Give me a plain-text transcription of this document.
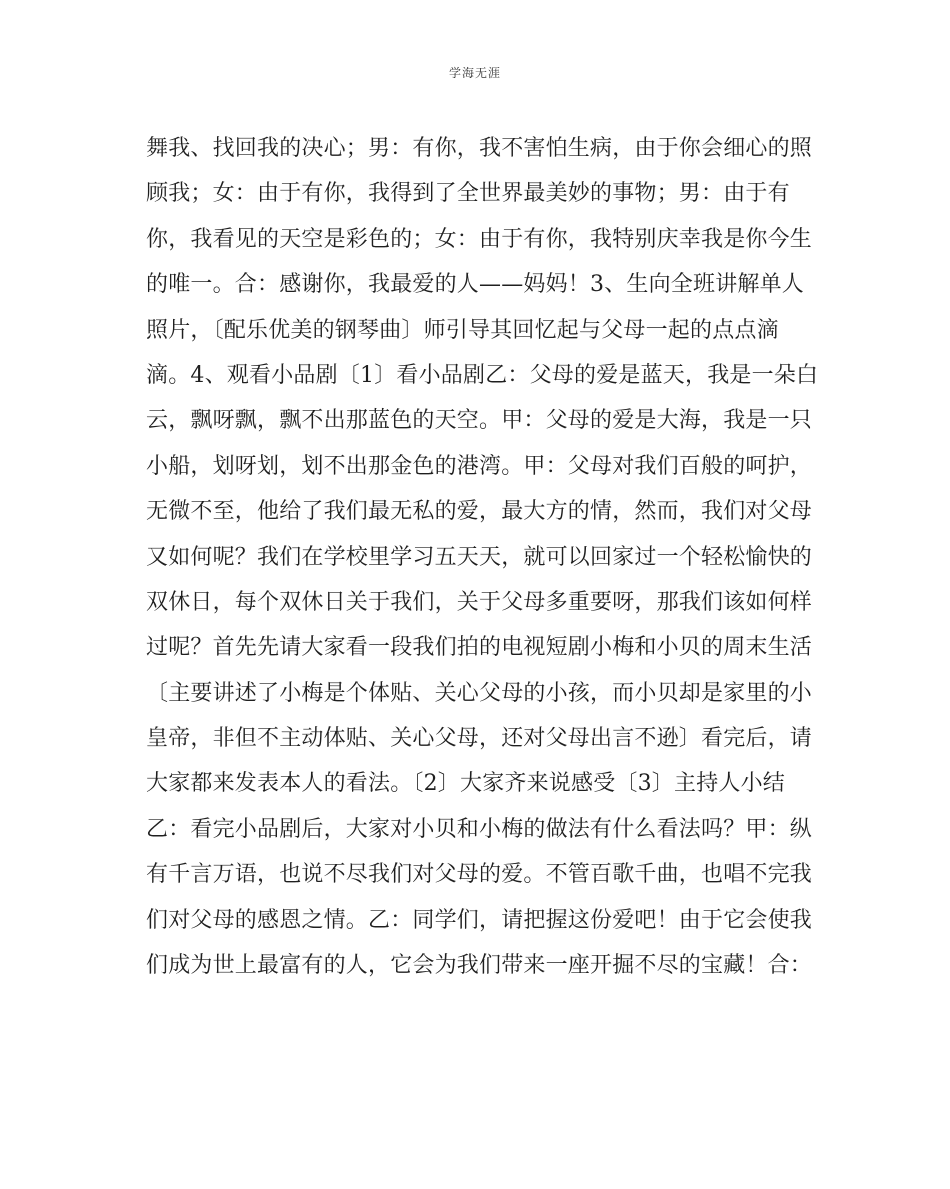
学海无涯
舞我、找回我的决心；男：有你，我不害怕生病，由于你会细心的照
顾我；女：由于有你，我得到了全世界最美妙的事物；男：由于有
你，我看见的天空是彩色的；女：由于有你，我特别庆幸我是你今生
的唯一。合：感谢你，我最爱的人——妈妈！3、生向全班讲解单人
照片，〔配乐优美的钢琴曲〕师引导其回忆起与父母一起的点点滴
滴。4、观看小品剧〔1〕看小品剧乙：父母的爱是蓝天，我是一朵白
云，飘呀飘，飘不出那蓝色的天空。甲：父母的爱是大海，我是一只
小船，划呀划，划不出那金色的港湾。甲：父母对我们百般的呵护，
无微不至，他给了我们最无私的爱，最大方的情，然而，我们对父母
又如何呢？我们在学校里学习五天天，就可以回家过一个轻松愉快的
双休日，每个双休日关于我们，关于父母多重要呀，那我们该如何样
过呢？首先先请大家看一段我们拍的电视短剧小梅和小贝的周末生活
〔主要讲述了小梅是个体贴、关心父母的小孩，而小贝却是家里的小
皇帝，非但不主动体贴、关心父母，还对父母出言不逊〕看完后，请
大家都来发表本人的看法。〔2〕大家齐来说感受〔3〕主持人小结
乙：看完小品剧后，大家对小贝和小梅的做法有什么看法吗？甲：纵
有千言万语，也说不尽我们对父母的爱。不管百歌千曲，也唱不完我
们对父母的感恩之情。乙：同学们，请把握这份爱吧！由于它会使我
们成为世上最富有的人，它会为我们带来一座开掘不尽的宝藏！合：
